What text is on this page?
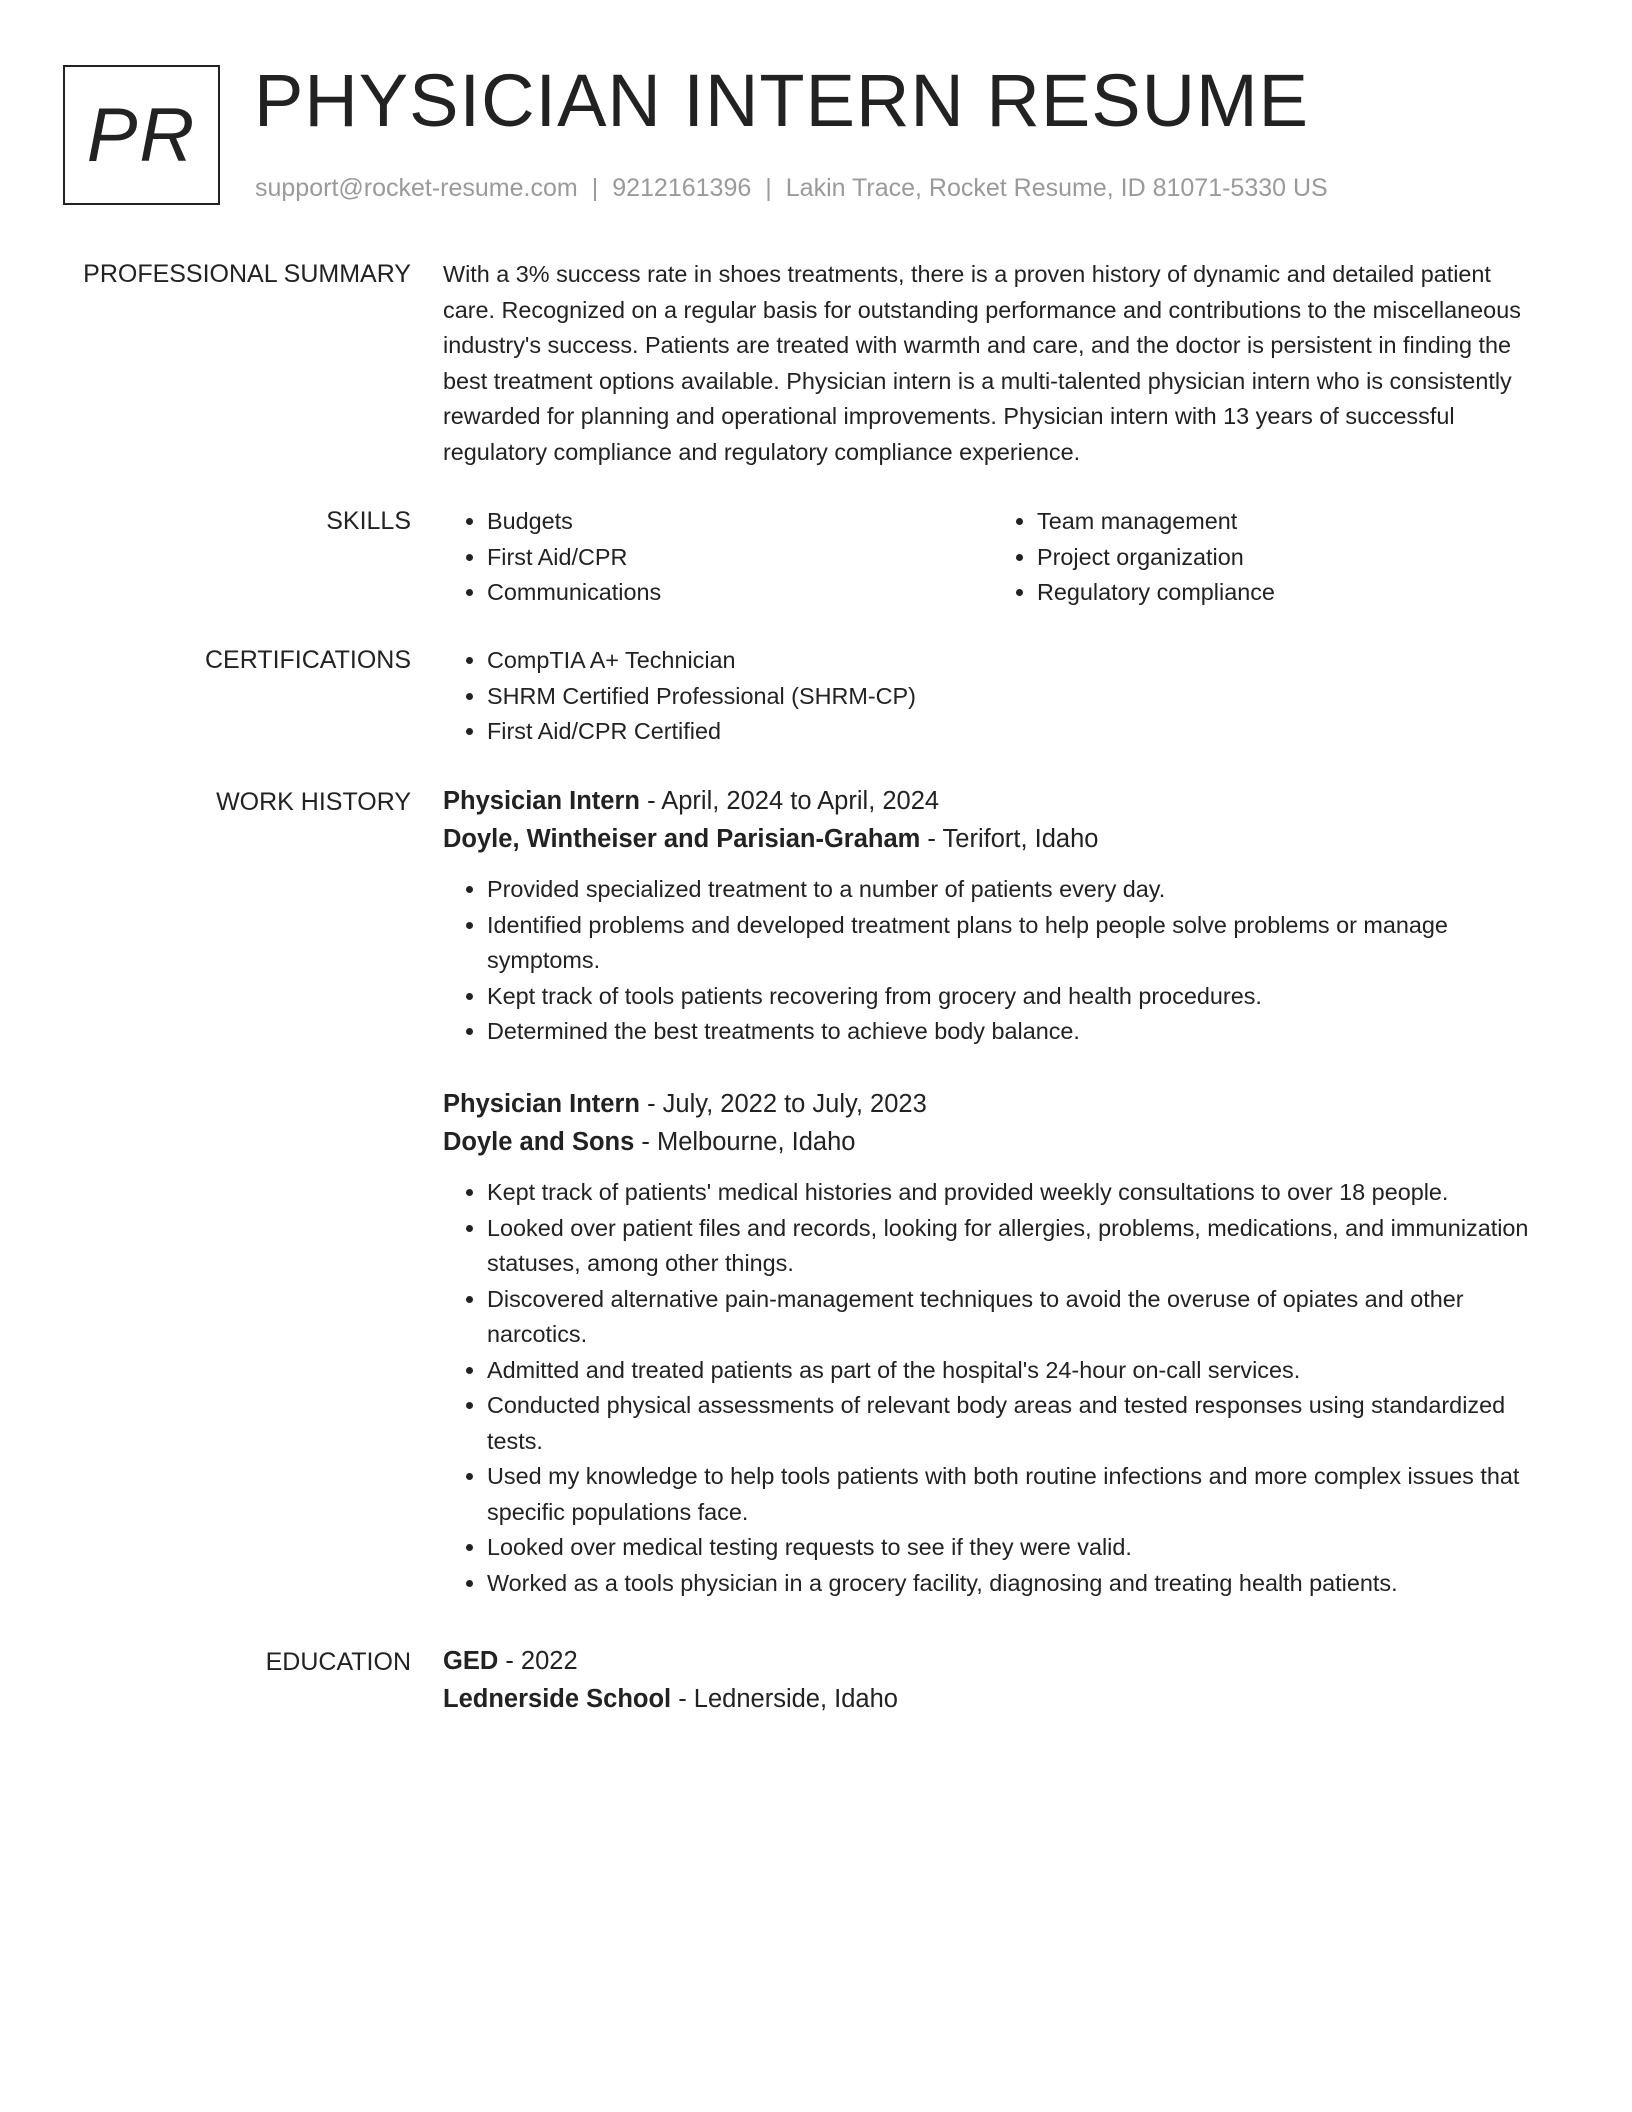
PR PHYSICIAN INTERN RESUME
support@rocket-resume.com | 9212161396 | Lakin Trace, Rocket Resume, ID 81071-5330 US
PROFESSIONAL SUMMARY With a 3% success rate in shoes treatments, there is a proven history of dynamic and detailed patient care. Recognized on a regular basis for outstanding performance and contributions to the miscellaneous industry's success. Patients are treated with warmth and care, and the doctor is persistent in finding the best treatment options available. Physician intern is a multi-talented physician intern who is consistently rewarded for planning and operational improvements. Physician intern with 13 years of successful regulatory compliance and regulatory compliance experience.
SKILLS	• Budgets
• First Aid/CPR
• Communications
• Team management
• Project organization
• Regulatory compliance
CERTIFICATIONS	• CompTIA A+ Technician
• SHRM Certified Professional (SHRM-CP)
• First Aid/CPR Certified
WORK HISTORY Physician Intern - April, 2024 to April, 2024
Doyle, Wintheiser and Parisian-Graham - Terifort, Idaho
• Provided specialized treatment to a number of patients every day.
• Identified problems and developed treatment plans to help people solve problems or manage symptoms.
• Kept track of tools patients recovering from grocery and health procedures.
• Determined the best treatments to achieve body balance.
Physician Intern - July, 2022 to July, 2023
Doyle and Sons - Melbourne, Idaho
• Kept track of patients' medical histories and provided weekly consultations to over 18 people.
• Looked over patient files and records, looking for allergies, problems, medications, and immunization statuses, among other things.
• Discovered alternative pain-management techniques to avoid the overuse of opiates and other narcotics.
• Admitted and treated patients as part of the hospital's 24-hour on-call services.
• Conducted physical assessments of relevant body areas and tested responses using standardized tests.
• Used my knowledge to help tools patients with both routine infections and more complex issues that specific populations face.
• Looked over medical testing requests to see if they were valid.
• Worked as a tools physician in a grocery facility, diagnosing and treating health patients.
EDUCATION GED - 2022
Lednerside School - Lednerside, Idaho
